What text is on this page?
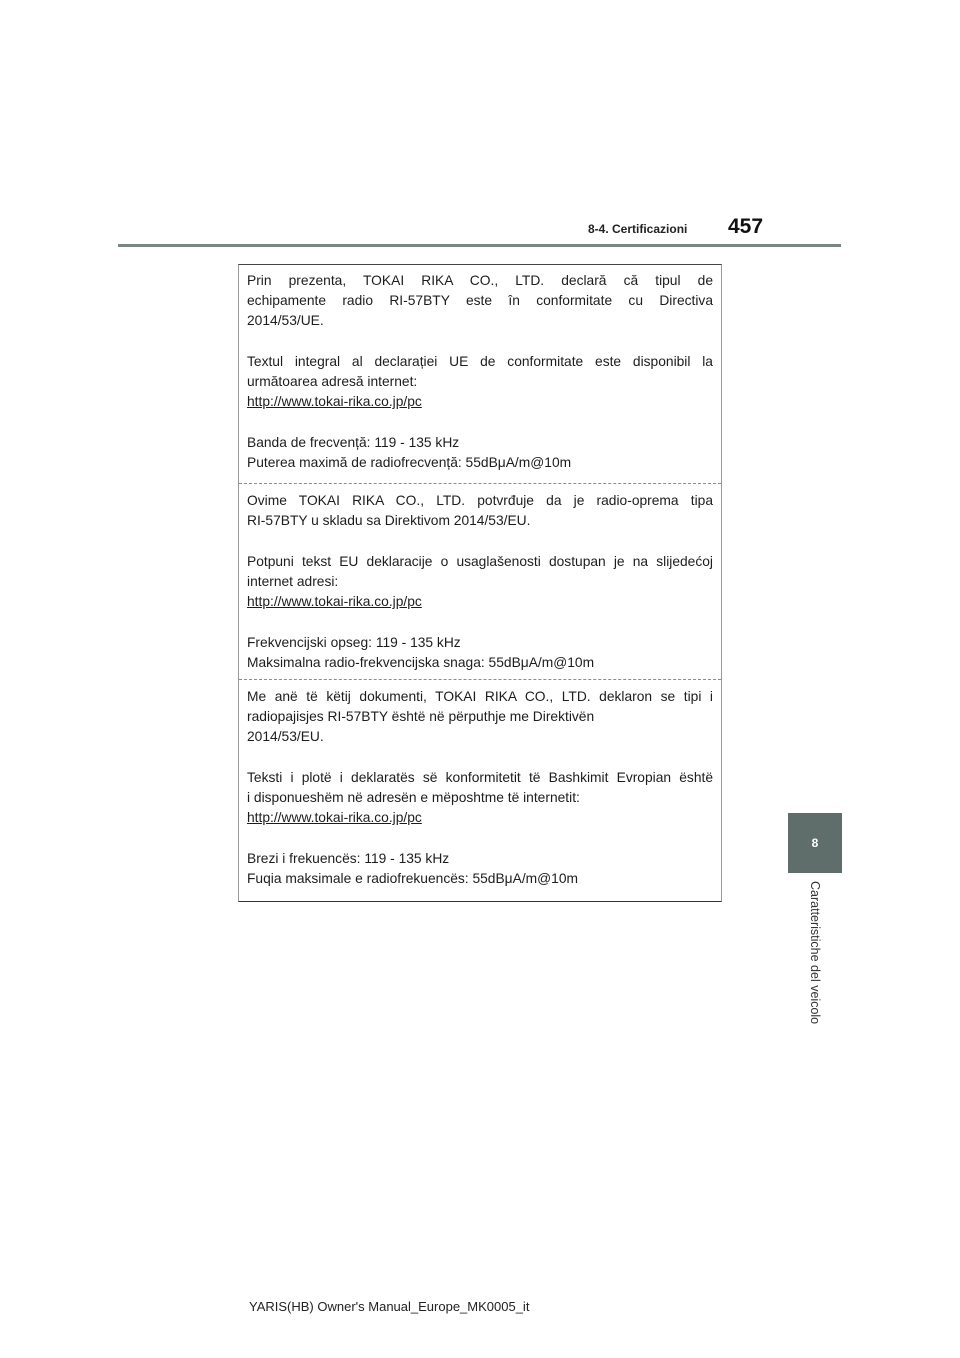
8-4. Certificazioni 457
8
Caratteristiche del veicolo

Prin prezenta, TOKAI RIKA CO., LTD. declară că tipul de
echipamente radio RI-57BTY este în conformitate cu Directiva
2014/53/UE.

Textul integral al declarației UE de conformitate este disponibil la
următoarea adresă internet:
http://www.tokai-rika.co.jp/pc

Banda de frecvență: 119 - 135 kHz
Puterea maximă de radiofrecvență: 55dBμA/m@10m

Ovime TOKAI RIKA CO., LTD. potvrđuje da je radio-oprema tipa
RI-57BTY u skladu sa Direktivom 2014/53/EU.

Potpuni tekst EU deklaracije o usaglašenosti dostupan je na slijedećoj
internet adresi:
http://www.tokai-rika.co.jp/pc

Frekvencijski opseg: 119 - 135 kHz
Maksimalna radio-frekvencijska snaga: 55dBμA/m@10m

Me anë të këtij dokumenti, TOKAI RIKA CO., LTD. deklaron se tipi i
radiopajisjes RI-57BTY është në përputhje me Direktivën
2014/53/EU.

Teksti i plotë i deklaratës së konformitetit të Bashkimit Evropian është
i disponueshëm në adresën e mëposhtme të internetit:
http://www.tokai-rika.co.jp/pc

Brezi i frekuencës: 119 - 135 kHz
Fuqia maksimale e radiofrekuencës: 55dBμA/m@10m

YARIS(HB) Owner's Manual_Europe_MK0005_it
